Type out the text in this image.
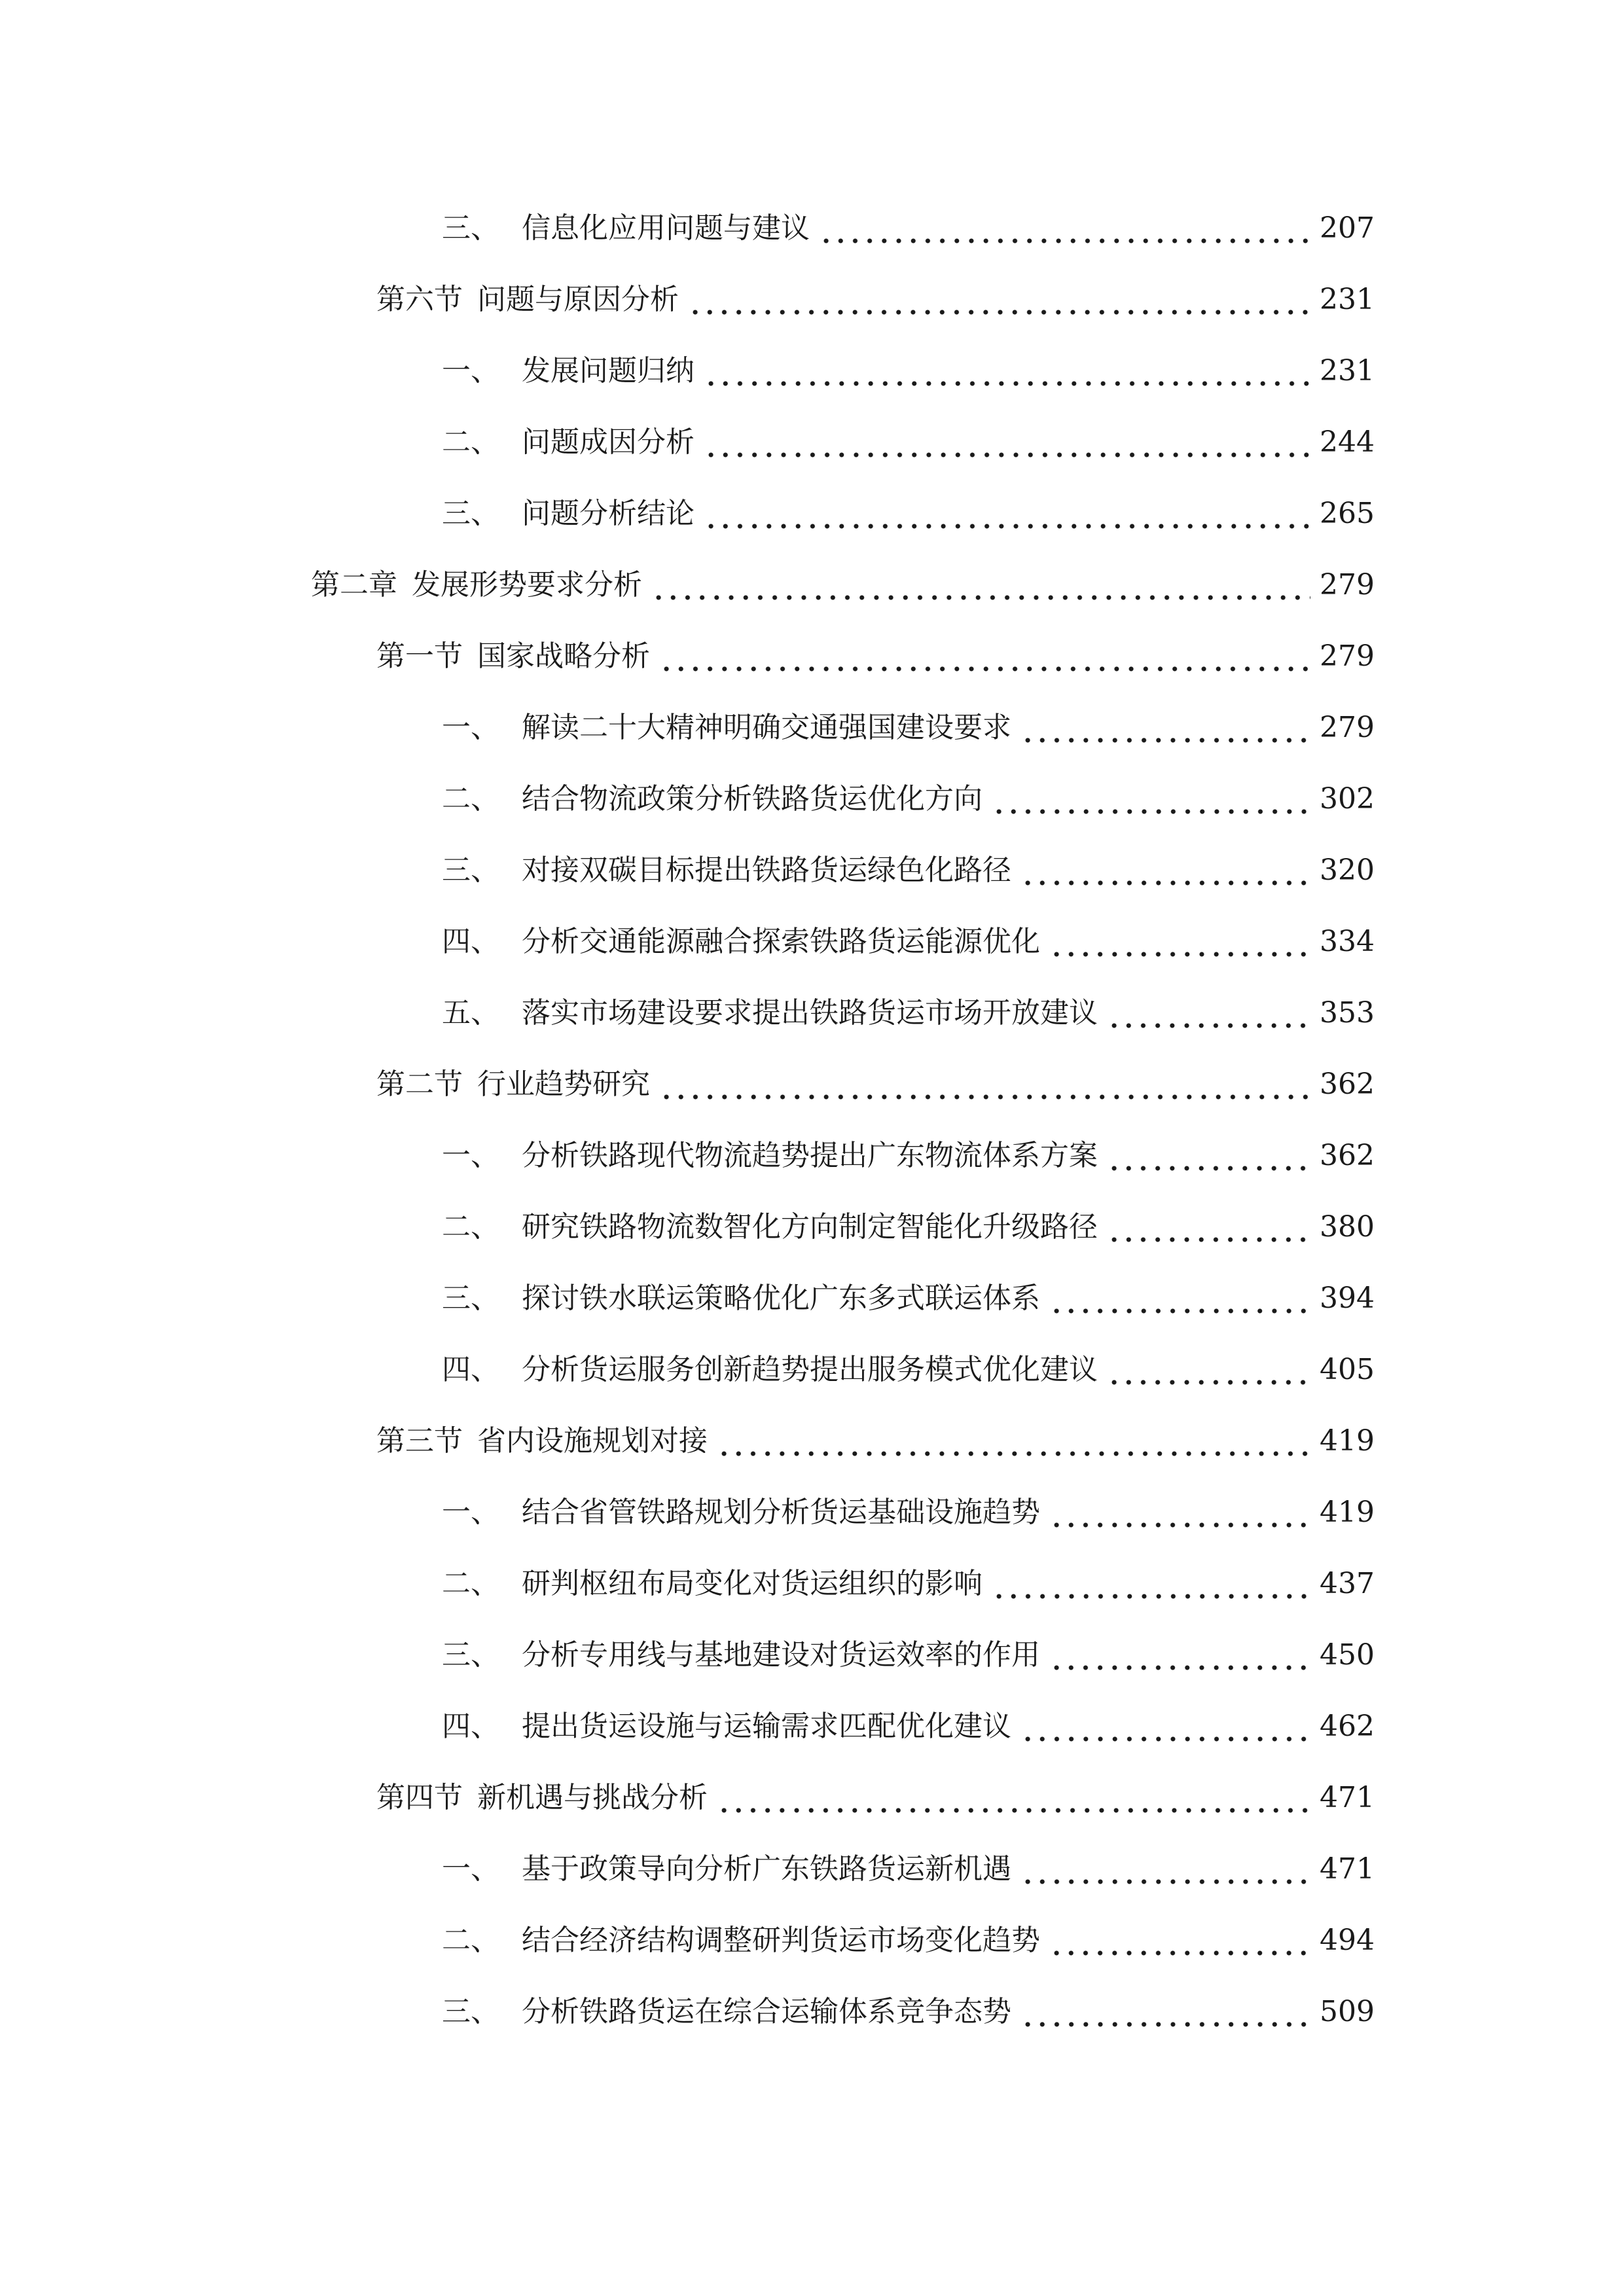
三、 信息化应用问题与建议	207
第六节 问题与原因分析	231
一、 发展问题归纳	231
二、 问题成因分析	244
三、 问题分析结论	265
第二章 发展形势要求分析	279
第一节 国家战略分析	279
一、 解读二十大精神明确交通强国建设要求	279
二、 结合物流政策分析铁路货运优化方向	302
三、 对接双碳目标提出铁路货运绿色化路径	320
四、 分析交通能源融合探索铁路货运能源优化	334
五、 落实市场建设要求提出铁路货运市场开放建议	353
第二节 行业趋势研究	362
一、 分析铁路现代物流趋势提出广东物流体系方案	362
二、 研究铁路物流数智化方向制定智能化升级路径	380
三、 探讨铁水联运策略优化广东多式联运体系	394
四、 分析货运服务创新趋势提出服务模式优化建议	405
第三节 省内设施规划对接	419
一、 结合省管铁路规划分析货运基础设施趋势	419
二、 研判枢纽布局变化对货运组织的影响	437
三、 分析专用线与基地建设对货运效率的作用	450
四、 提出货运设施与运输需求匹配优化建议	462
第四节 新机遇与挑战分析	471
一、 基于政策导向分析广东铁路货运新机遇	471
二、 结合经济结构调整研判货运市场变化趋势	494
三、 分析铁路货运在综合运输体系竞争态势	509
